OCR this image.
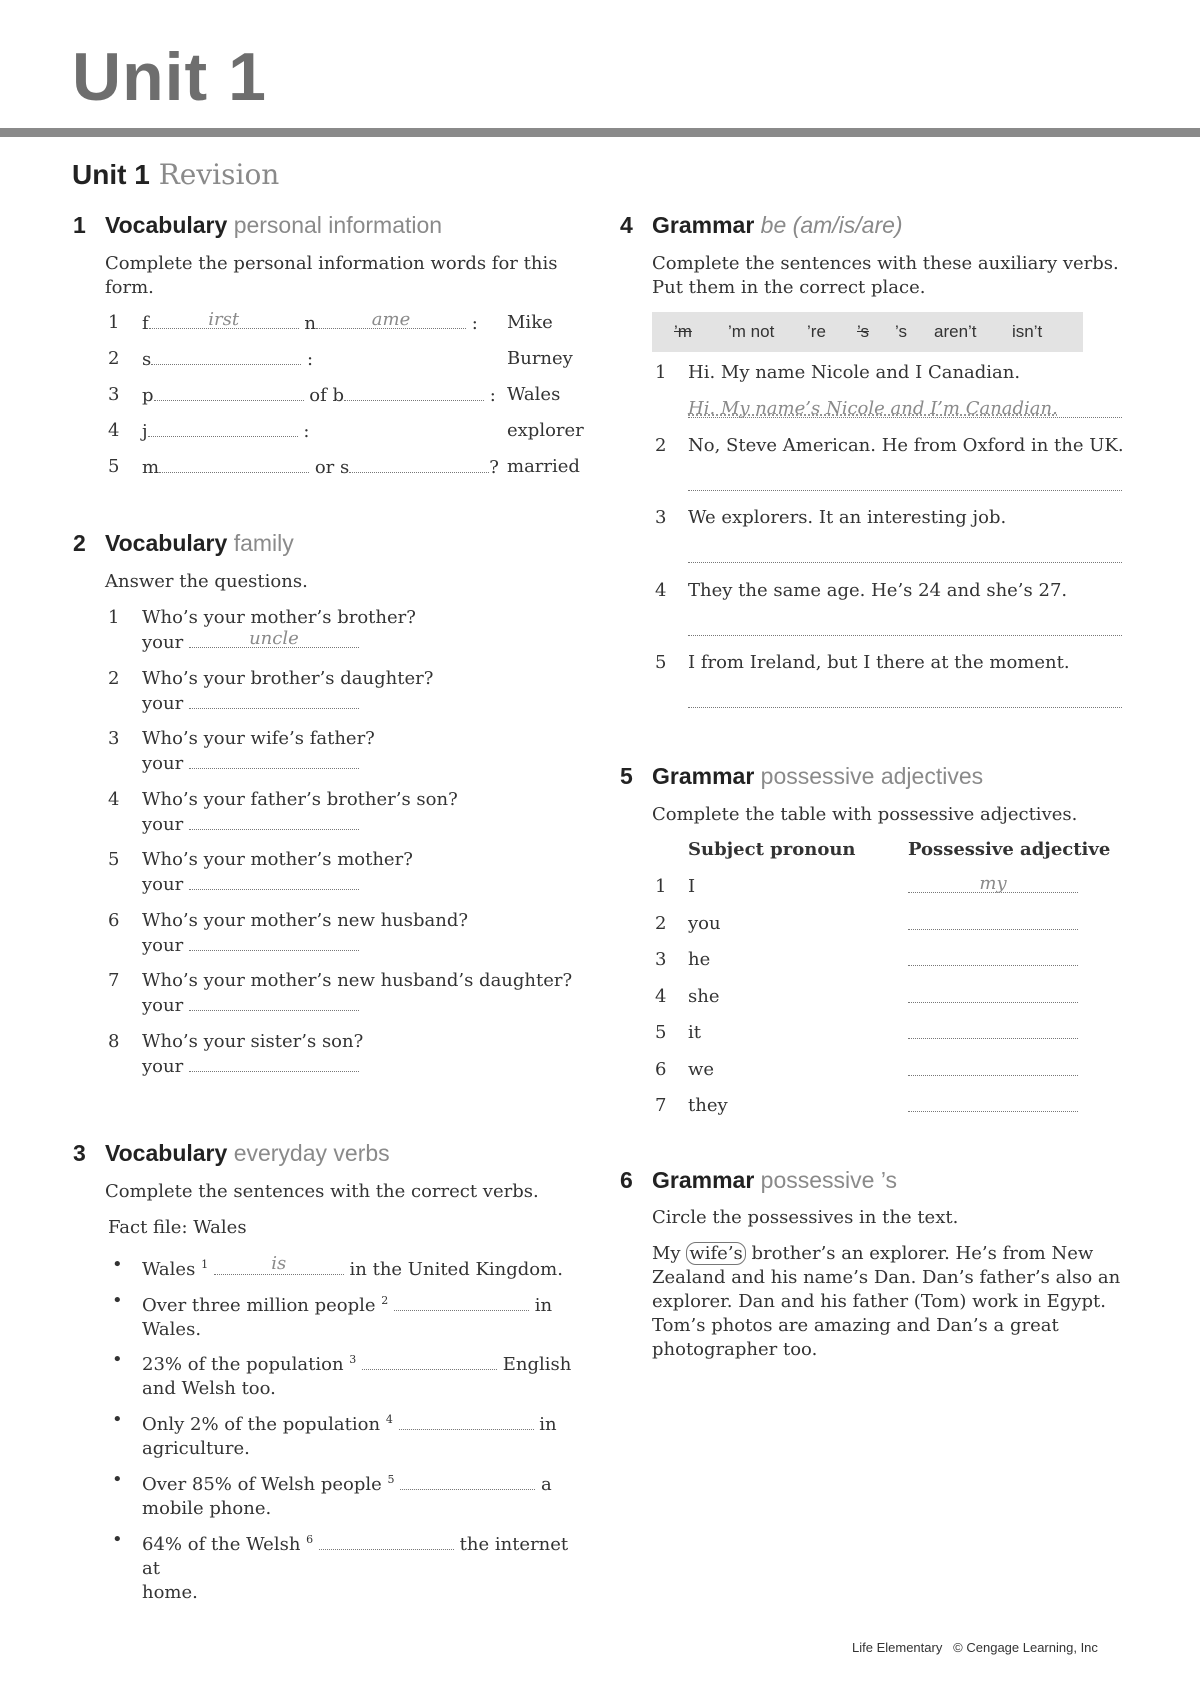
Unit 1
Unit 1 Revision
1 Vocabulary personal information
Complete the personal information words for this form.
1 f	irst	n	ame	: Mike
2 s	:	Burney
3 p	of b	: Wales
4 j	:	explorer
5 m	or s	? married
2 Vocabulary family
Answer the questions.
1 Who’s your mother’s brother?
your	uncle
2 Who’s your brother’s daughter?
your
3 Who’s your wife’s father?
your
4 Who’s your father’s brother’s son?
your
5 Who’s your mother’s mother?
your
6 Who’s your mother’s new husband?
your
7 Who’s your mother’s new husband’s daughter?
your
8 Who’s your sister’s son?
your
3 Vocabulary everyday verbs
Complete the sentences with the correct verbs.
Fact file: Wales
• Wales $^1$	is	in the United Kingdom.
• Over three million people $^2$	in
Wales.
• 23% of the population $^3$	English
and Welsh too.
• Only 2% of the population $^4$	in
agriculture.
• Over 85% of Welsh people $^5$	a
mobile phone.
• 64% of the Welsh $^6$	the internet at
home.
4 Grammar be (am/is/are)
Complete the sentences with these auxiliary verbs. Put them in the correct place.
’m ’m not ’re ’s ’s aren’t isn’t
1 Hi. My name Nicole and I Canadian.
Hi. My name’s Nicole and I’m Canadian.
2 No, Steve American. He from Oxford in the UK.
3 We explorers. It an interesting job.
4 They the same age. He’s 24 and she’s 27.
5 I from Ireland, but I there at the moment.
5 Grammar possessive adjectives
Complete the table with possessive adjectives.
Subject pronoun	Possessive adjective
1 I	my
2 you
3 he
4 she
5 it
6 we
7 they
6 Grammar possessive ’s
Circle the possessives in the text.
My wife’s brother’s an explorer. He’s from New Zealand and his name’s Dan. Dan’s father’s also an explorer. Dan and his father (Tom) work in Egypt. Tom’s photos are amazing and Dan’s a great photographer too.
Life Elementary © Cengage Learning, Inc
